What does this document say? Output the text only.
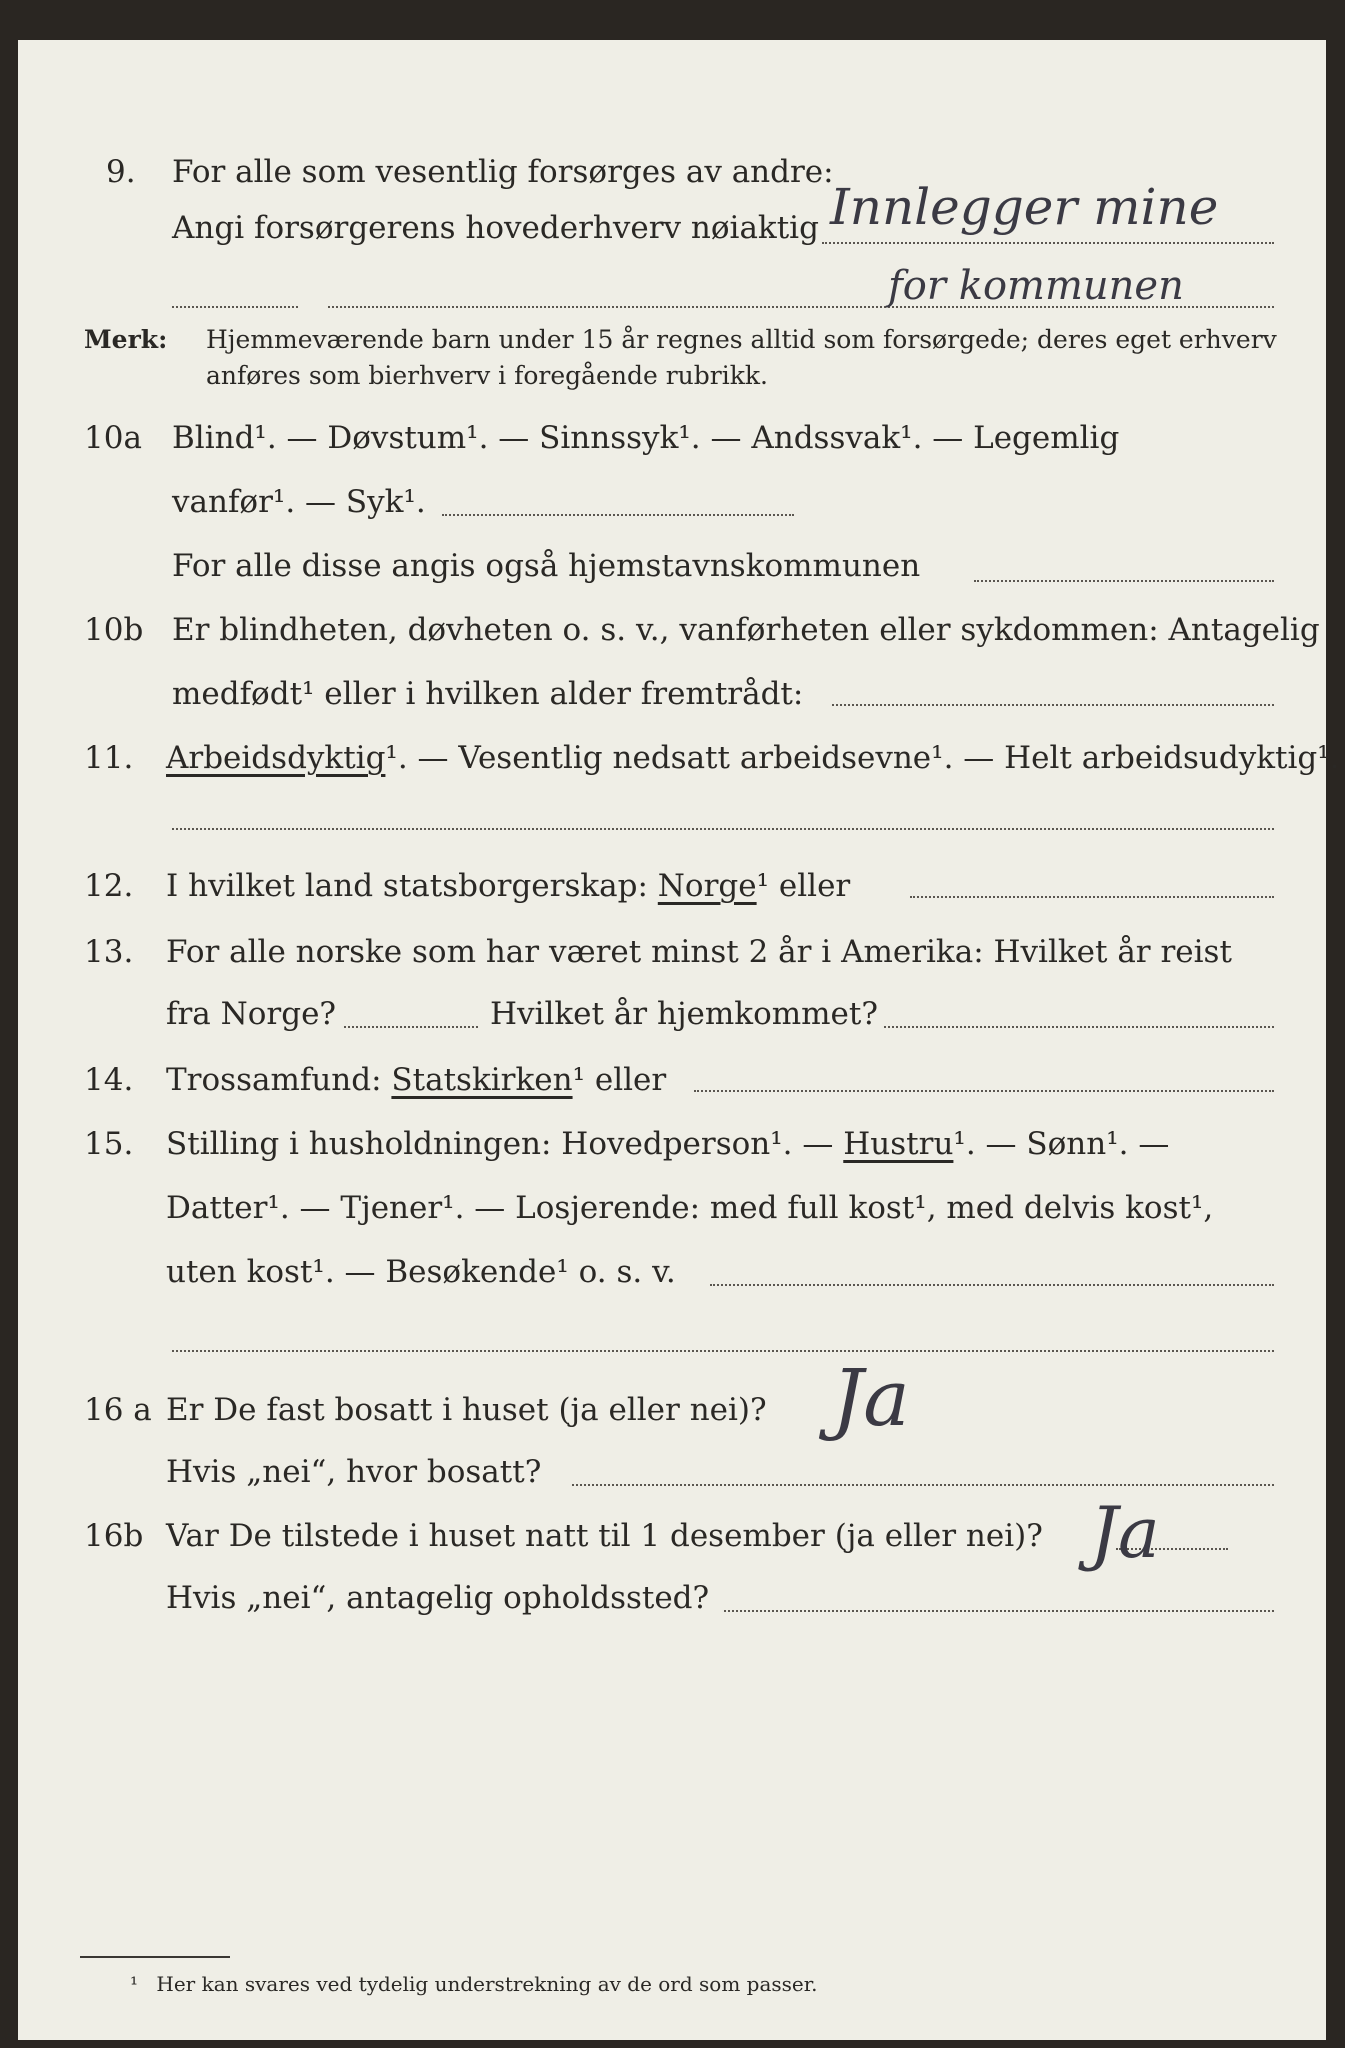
9.	For alle som vesentlig forsørges av andre:
Angi forsørgerens hovederhverv nøiaktig Innlegger mine
for kommunen
Merk: Hjemmeværende barn under 15 år regnes alltid som forsørgede; deres eget erhverv
anføres som bierhverv i foregående rubrikk.
10a Blind¹. — Døvstum¹. — Sinnssyk¹. — Andssvak¹. — Legemlig
vanfør¹. — Syk¹.
For alle disse angis også hjemstavnskommunen
10b Er blindheten, døvheten o. s. v., vanførheten eller sykdommen: Antagelig
medfødt¹ eller i hvilken alder fremtrådt:
11.	Arbeidsdyktig¹. — Vesentlig nedsatt arbeidsevne¹. — Helt arbeidsudyktig¹.
12.	I hvilket land statsborgerskap: Norge¹ eller
13.	For alle norske som har været minst 2 år i Amerika: Hvilket år reist
fra Norge?	Hvilket år hjemkommet?
14.	Trossamfund: Statskirken¹ eller
15.	Stilling i husholdningen: Hovedperson¹. — Hustru¹. — Sønn¹. —
Datter¹. — Tjener¹. — Losjerende: med full kost¹, med delvis kost¹,
uten kost¹. — Besøkende¹ o. s. v.
16 a Er De fast bosatt i huset (ja eller nei)?
Hvis „nei“, hvor bosatt?
Ja
16b Var De tilstede i huset natt til 1 desember (ja eller nei)?
Hvis „nei“, antagelig opholdssted?
Ja
¹ Her kan svares ved tydelig understrekning av de ord som passer.
